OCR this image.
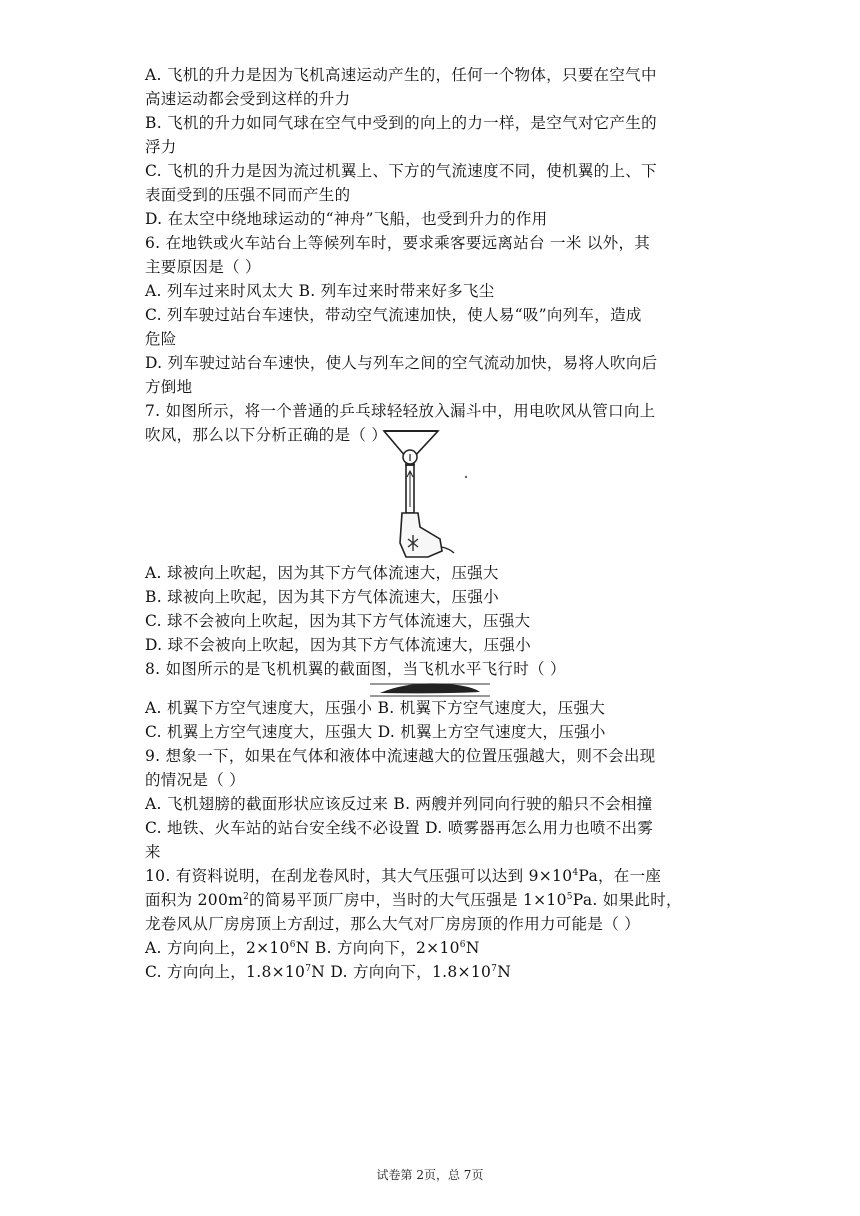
A. 飞机的升力是因为飞机高速运动产生的，任何一个物体，只要在空气中
高速运动都会受到这样的升力
B. 飞机的升力如同气球在空气中受到的向上的力一样，是空气对它产生的
浮力
C. 飞机的升力是因为流过机翼上、下方的气流速度不同，使机翼的上、下
表面受到的压强不同而产生的
D. 在太空中绕地球运动的“神舟”飞船，也受到升力的作用
6. 在地铁或火车站台上等候列车时，要求乘客要远离站台 一米 以外，其
主要原因是（ ）
A. 列车过来时风太大 B. 列车过来时带来好多飞尘
C. 列车驶过站台车速快，带动空气流速加快，使人易“吸”向列车，造成
危险
D. 列车驶过站台车速快，使人与列车之间的空气流动加快，易将人吹向后
方倒地
7. 如图所示，将一个普通的乒乓球轻轻放入漏斗中，用电吹风从管口向上
吹风，那么以下分析正确的是（ ）
A. 球被向上吹起，因为其下方气体流速大，压强大
B. 球被向上吹起，因为其下方气体流速大，压强小
C. 球不会被向上吹起，因为其下方气体流速大，压强大
D. 球不会被向上吹起，因为其下方气体流速大，压强小
8. 如图所示的是飞机机翼的截面图，当飞机水平飞行时（ ）
A. 机翼下方空气速度大，压强小 B. 机翼下方空气速度大，压强大
C. 机翼上方空气速度大，压强大 D. 机翼上方空气速度大，压强小
9. 想象一下，如果在气体和液体中流速越大的位置压强越大，则不会出现
的情况是（ ）
A. 飞机翅膀的截面形状应该反过来 B. 两艘并列同向行驶的船只不会相撞
C. 地铁、火车站的站台安全线不必设置 D. 喷雾器再怎么用力也喷不出雾
来
10. 有资料说明，在刮龙卷风时，其大气压强可以达到 $9\times 10^4Pa$，在一座
面积为 $200m^2$的简易平顶厂房中，当时的大气压强是 $1\times 10^5Pa$. 如果此时，
龙卷风从厂房房顶上方刮过，那么大气对厂房房顶的作用力可能是（ ）
A. 方向向上，$2\times 10^6N$ B. 方向向下，$2\times 10^6N$
C. 方向向上，$1.8\times 10^7N$ D. 方向向下，$1.8\times 10^7N$
试卷第 2页，总 7页
